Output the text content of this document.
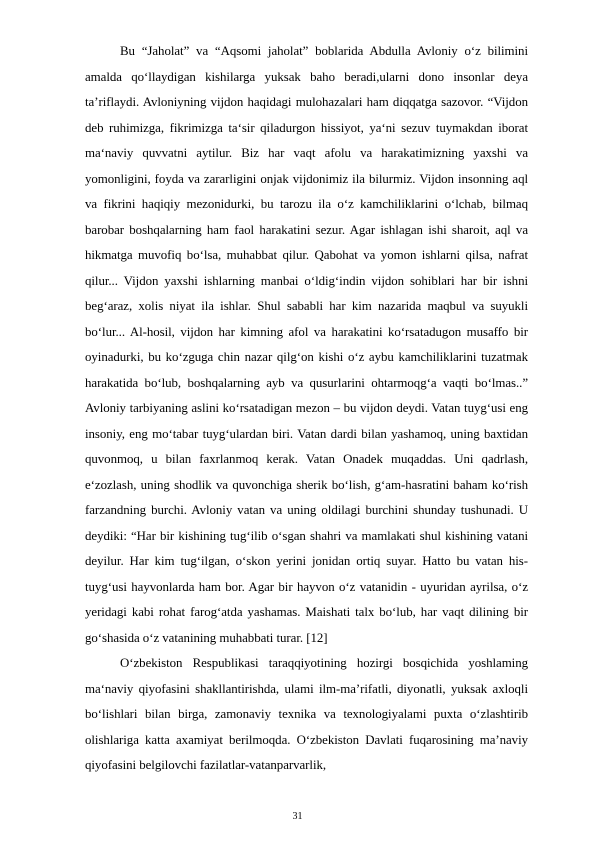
Bu “Jaholat” va “Aqsomi jaholat” boblarida Abdulla Avloniy o‘z bilimini amalda qo‘llaydigan kishilarga yuksak baho beradi,ularni dono insonlar deya ta’riflaydi. Avloniyning vijdon haqidagi mulohazalari ham diqqatga sazovor. “Vijdon deb ruhimizga, fikrimizga ta‘sir qiladurgon hissiyot, ya‘ni sezuv tuymakdan iborat ma‘naviy quvvatni aytilur. Biz har vaqt afolu va harakatimizning yaxshi va yomonligini, foyda va zararligini onjak vijdonimiz ila bilurmiz. Vijdon insonning aql va fikrini haqiqiy mezonidurki, bu tarozu ila o‘z kamchiliklarini o‘lchab, bilmaq barobar boshqalarning ham faol harakatini sezur. Agar ishlagan ishi sharoit, aql va hikmatga muvofiq bo‘lsa, muhabbat qilur. Qabohat va yomon ishlarni qilsa, nafrat qilur... Vijdon yaxshi ishlarning manbai o‘ldig‘indin vijdon sohiblari har bir ishni beg‘araz, xolis niyat ila ishlar. Shul sababli har kim nazarida maqbul va suyukli bo‘lur... Al-hosil, vijdon har kimning afol va harakatini ko‘rsatadugon musaffo bir oyinadurki, bu ko‘zguga chin nazar qilg‘on kishi o‘z aybu kamchiliklarini tuzatmak harakatida bo‘lub, boshqalarning ayb va qusurlarini ohtarmoqg‘a vaqti bo‘lmas..” Avloniy tarbiyaning aslini ko‘rsatadigan mezon – bu vijdon deydi. Vatan tuyg‘usi eng insoniy, eng mo‘tabar tuyg‘ulardan biri. Vatan dardi bilan yashamoq, uning baxtidan quvonmoq, u bilan faxrlanmoq kerak. Vatan Onadek muqaddas. Uni qadrlash, e‘zozlash, uning shodlik va quvonchiga sherik bo‘lish, g‘am-hasratini baham ko‘rish farzandning burchi. Avloniy vatan va uning oldilagi burchini shunday tushunadi. U deydiki: “Har bir kishining tug‘ilib o‘sgan shahri va mamlakati shul kishining vatani deyilur. Har kim tug‘ilgan, o‘skon yerini jonidan ortiq suyar. Hatto bu vatan his-tuyg‘usi hayvonlarda ham bor. Agar bir hayvon o‘z vatanidin - uyuridan ayrilsa, o‘z yeridagi kabi rohat farog‘atda yashamas. Maishati talx bo‘lub, har vaqt dilining bir go‘shasida o‘z vatanining muhabbati turar. [12]

O‘zbekiston Respublikasi taraqqiyotining hozirgi bosqichida yoshlaming ma‘naviy qiyofasini shakllantirishda, ulami ilm-ma’rifatli, diyonatli, yuksak axloqli bo‘lishlari bilan birga, zamonaviy texnika va texnologiyalami puxta o‘zlashtirib olishlariga katta axamiyat berilmoqda. O‘zbekiston Davlati fuqarosining ma’naviy qiyofasini belgilovchi fazilatlar-vatanparvarlik,

31
